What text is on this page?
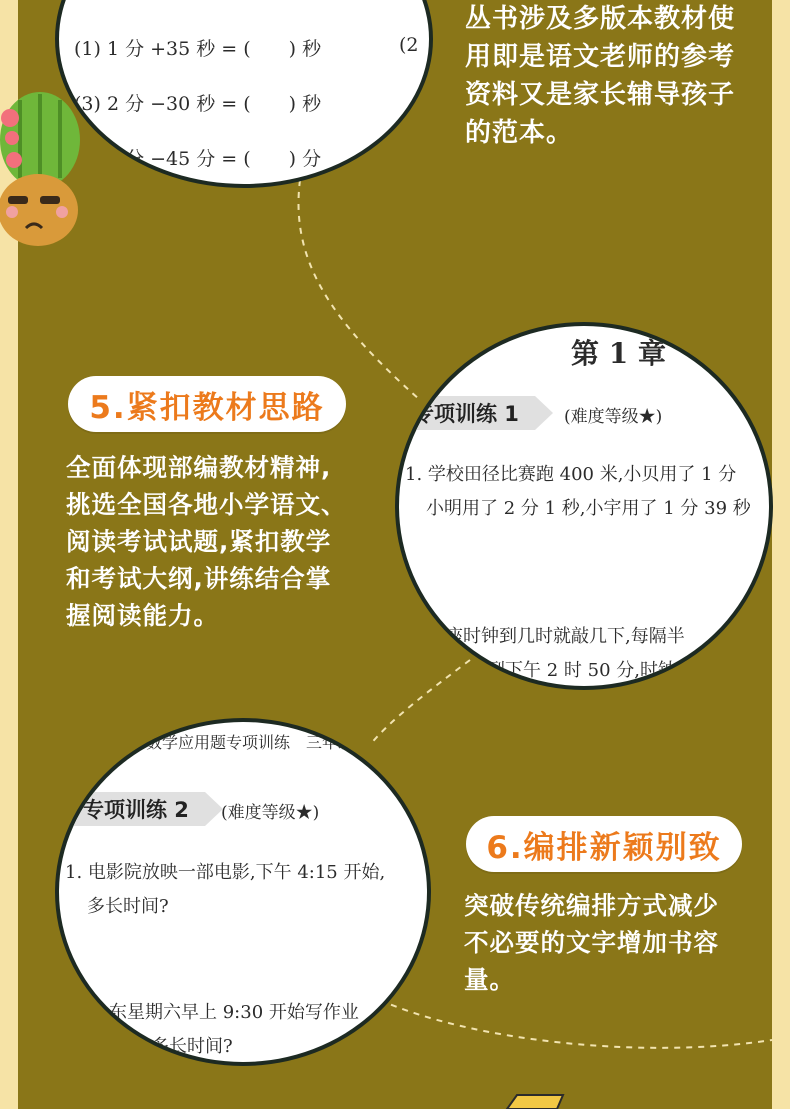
(1) 1 分 +35 秒 = (　　) 秒	(2
(3) 2 分 −30 秒 = (　　) 秒
(5) 4 分 −45 分 = (　　) 分
丛书涉及多版本教材使
用即是语文老师的参考
资料又是家长辅导孩子
的范本。
5.紧扣教材思路
全面体现部编教材精神,
挑选全国各地小学语文、
阅读考试试题,紧扣教学
和考试大纲,讲练结合掌
握阅读能力。
第 1 章
专项训练 1	(难度等级★)
1. 学校田径比赛跑 400 米,小贝用了 1 分
小明用了 2 分 1 秒,小宇用了 1 分 39 秒
座时钟到几时就敲几下,每隔半
到下午 2 时 50 分,时钟
小学数学应用题专项训练　三年级
专项训练 2	(难度等级★)
1. 电影院放映一部电影,下午 4:15 开始,
多长时间?
东星期六早上 9:30 开始写作业
多长时间?
6.编排新颖别致
突破传统编排方式减少
不必要的文字增加书容
量。
